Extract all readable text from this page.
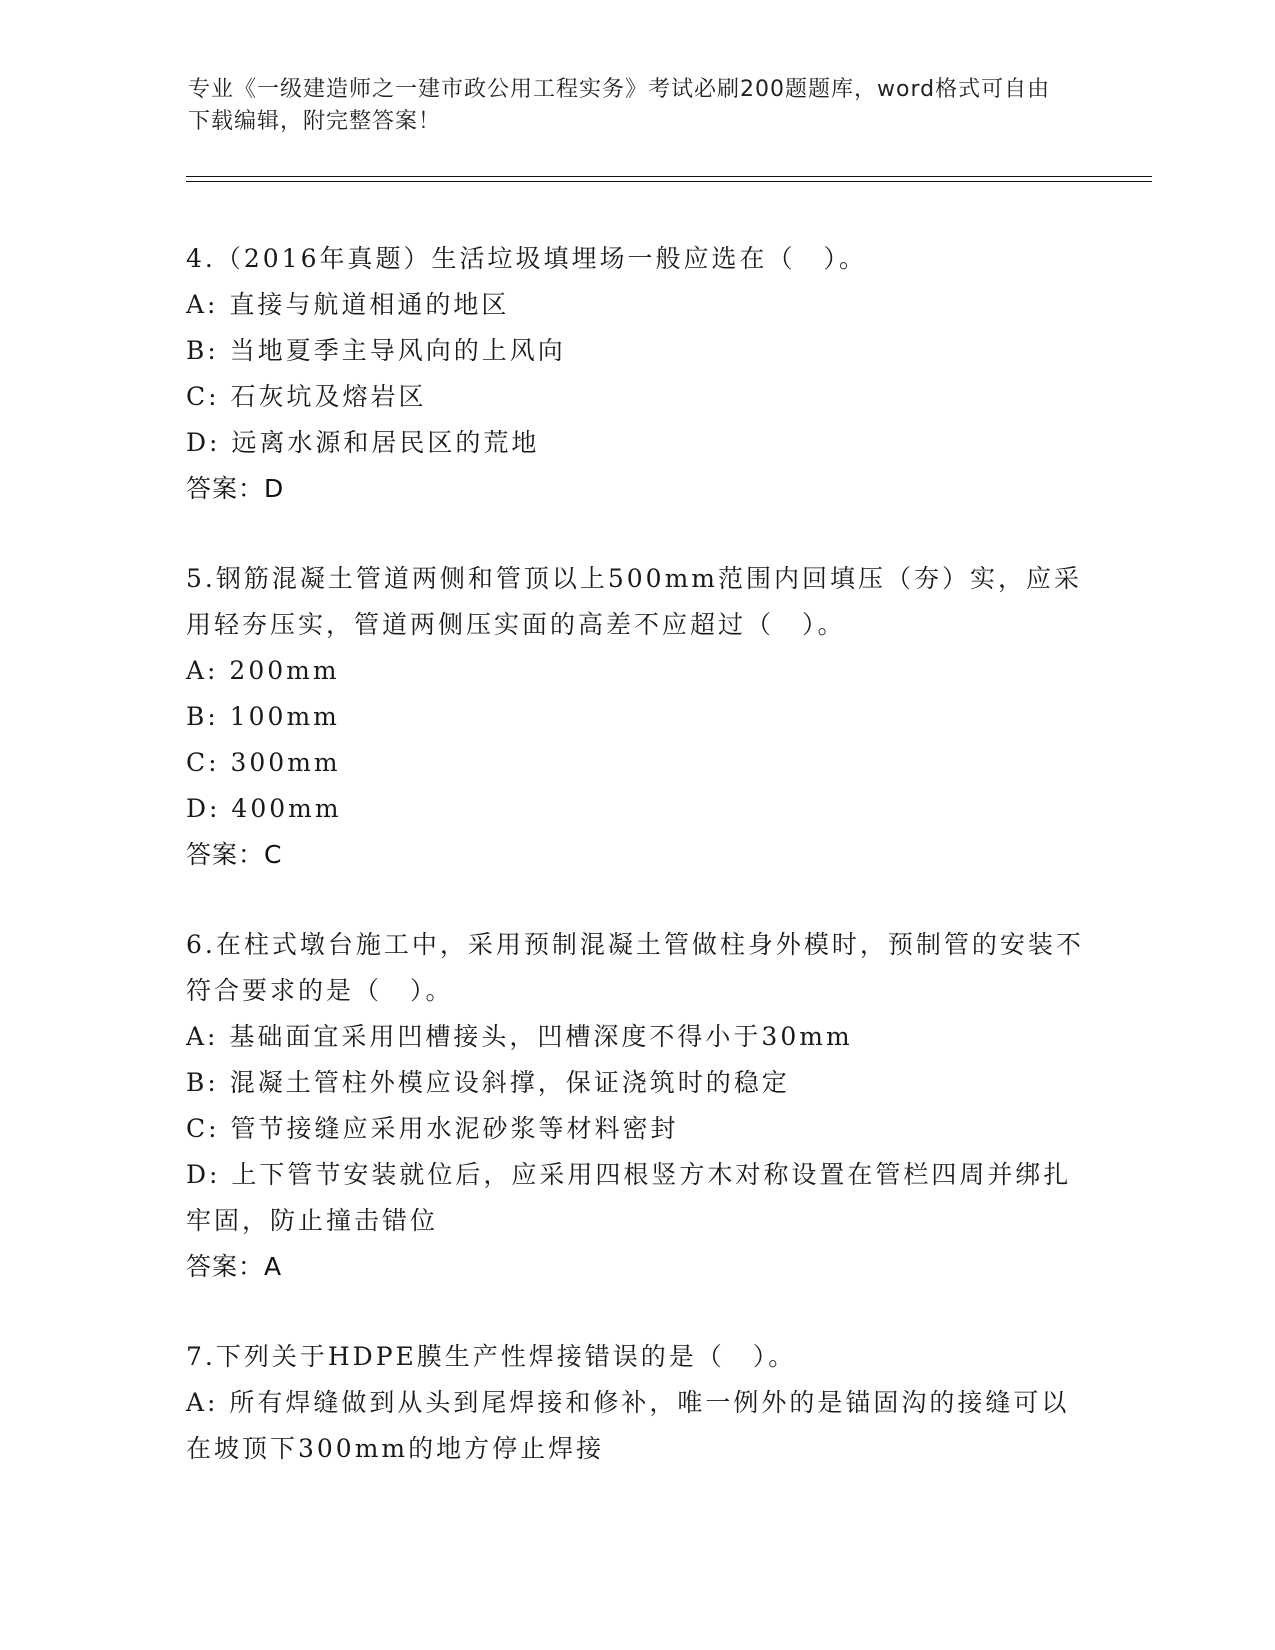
专业《一级建造师之一建市政公用工程实务》考试必刷200题题库，word格式可自由下载编辑，附完整答案！
4.（2016年真题）生活垃圾填埋场一般应选在（　）。
A: 直接与航道相通的地区
B: 当地夏季主导风向的上风向
C: 石灰坑及熔岩区
D: 远离水源和居民区的荒地
答案：D
5.钢筋混凝土管道两侧和管顶以上500mm范围内回填压（夯）实，应采用轻夯压实，管道两侧压实面的高差不应超过（　）。
A: 200mm
B: 100mm
C: 300mm
D: 400mm
答案：C
6.在柱式墩台施工中，采用预制混凝土管做柱身外模时，预制管的安装不符合要求的是（　）。
A: 基础面宜采用凹槽接头，凹槽深度不得小于30mm
B: 混凝土管柱外模应设斜撑，保证浇筑时的稳定
C: 管节接缝应采用水泥砂浆等材料密封
D: 上下管节安装就位后，应采用四根竖方木对称设置在管栏四周并绑扎牢固，防止撞击错位
答案：A
7.下列关于HDPE膜生产性焊接错误的是（　）。
A: 所有焊缝做到从头到尾焊接和修补，唯一例外的是锚固沟的接缝可以在坡顶下300mm的地方停止焊接
